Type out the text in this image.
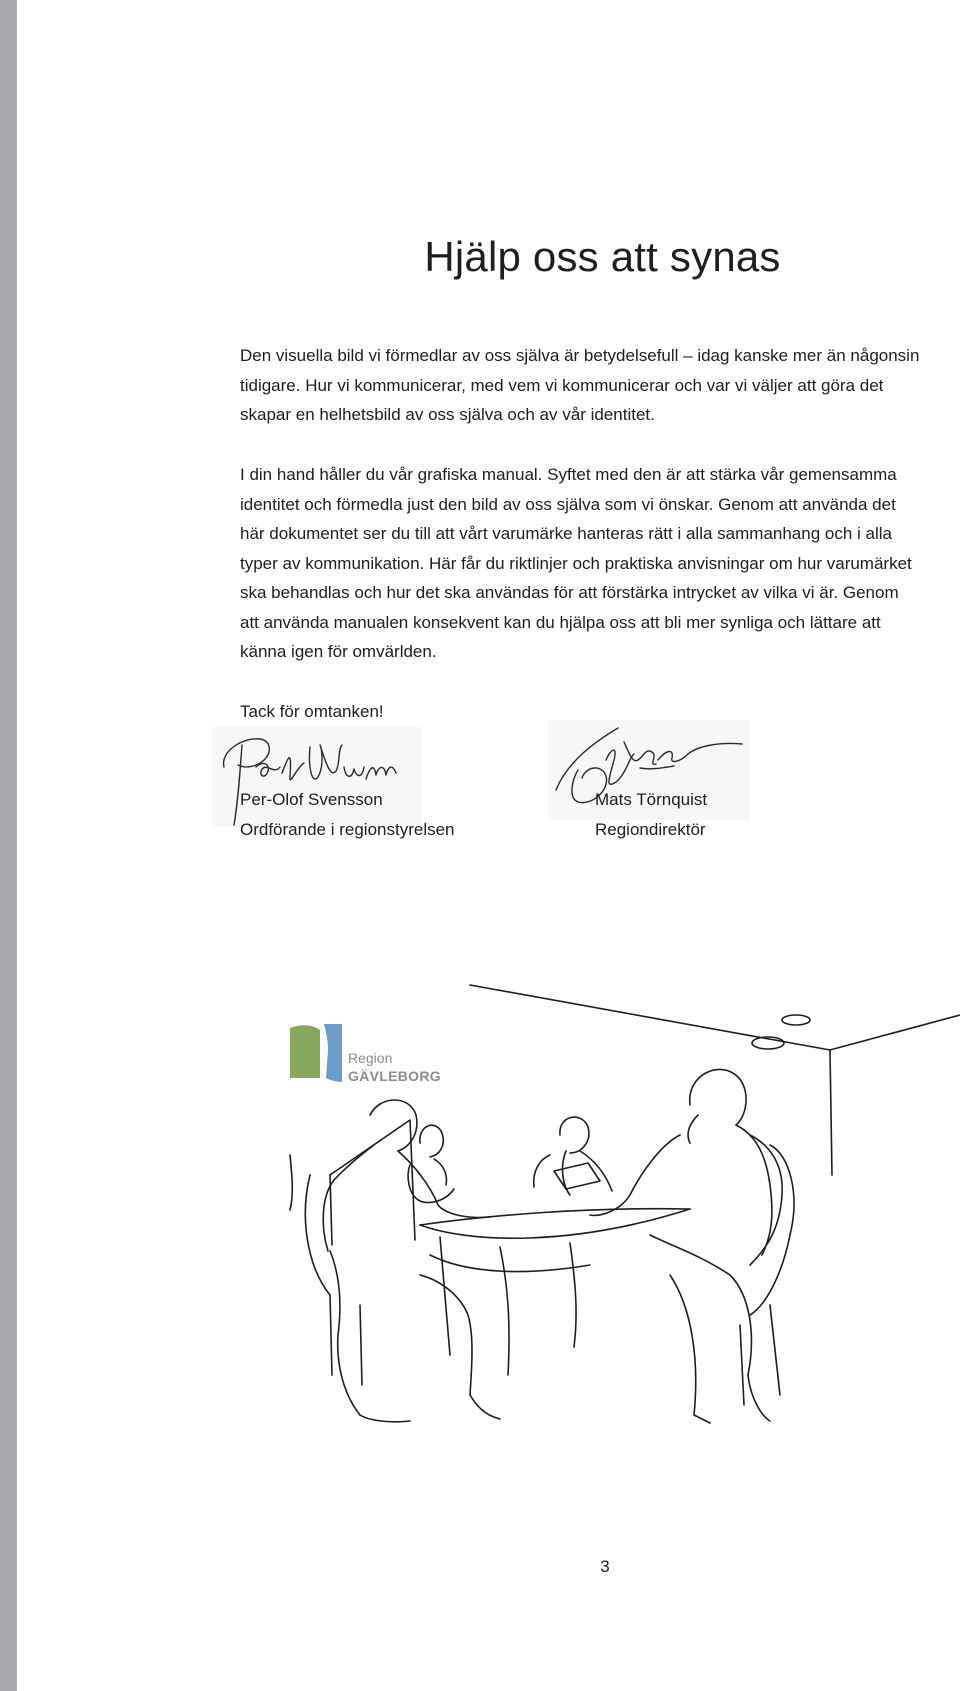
Hjälp oss att synas

Den visuella bild vi förmedlar av oss själva är betydelsefull – idag kanske mer än någonsin
tidigare. Hur vi kommunicerar, med vem vi kommunicerar och var vi väljer att göra det
skapar en helhetsbild av oss själva och av vår identitet.

I din hand håller du vår grafiska manual. Syftet med den är att stärka vår gemensamma
identitet och förmedla just den bild av oss själva som vi önskar. Genom att använda det
här dokumentet ser du till att vårt varumärke hanteras rätt i alla sammanhang och i alla
typer av kommunikation. Här får du riktlinjer och praktiska anvisningar om hur varumärket
ska behandlas och hur det ska användas för att förstärka intrycket av vilka vi är. Genom
att använda manualen konsekvent kan du hjälpa oss att bli mer synliga och lättare att
känna igen för omvärlden.

Tack för omtanken!

Per-Olof Svensson
Ordförande i regionstyrelsen
Mats Törnquist
Regiondirektör
Region
GÄVLEBORG
3
